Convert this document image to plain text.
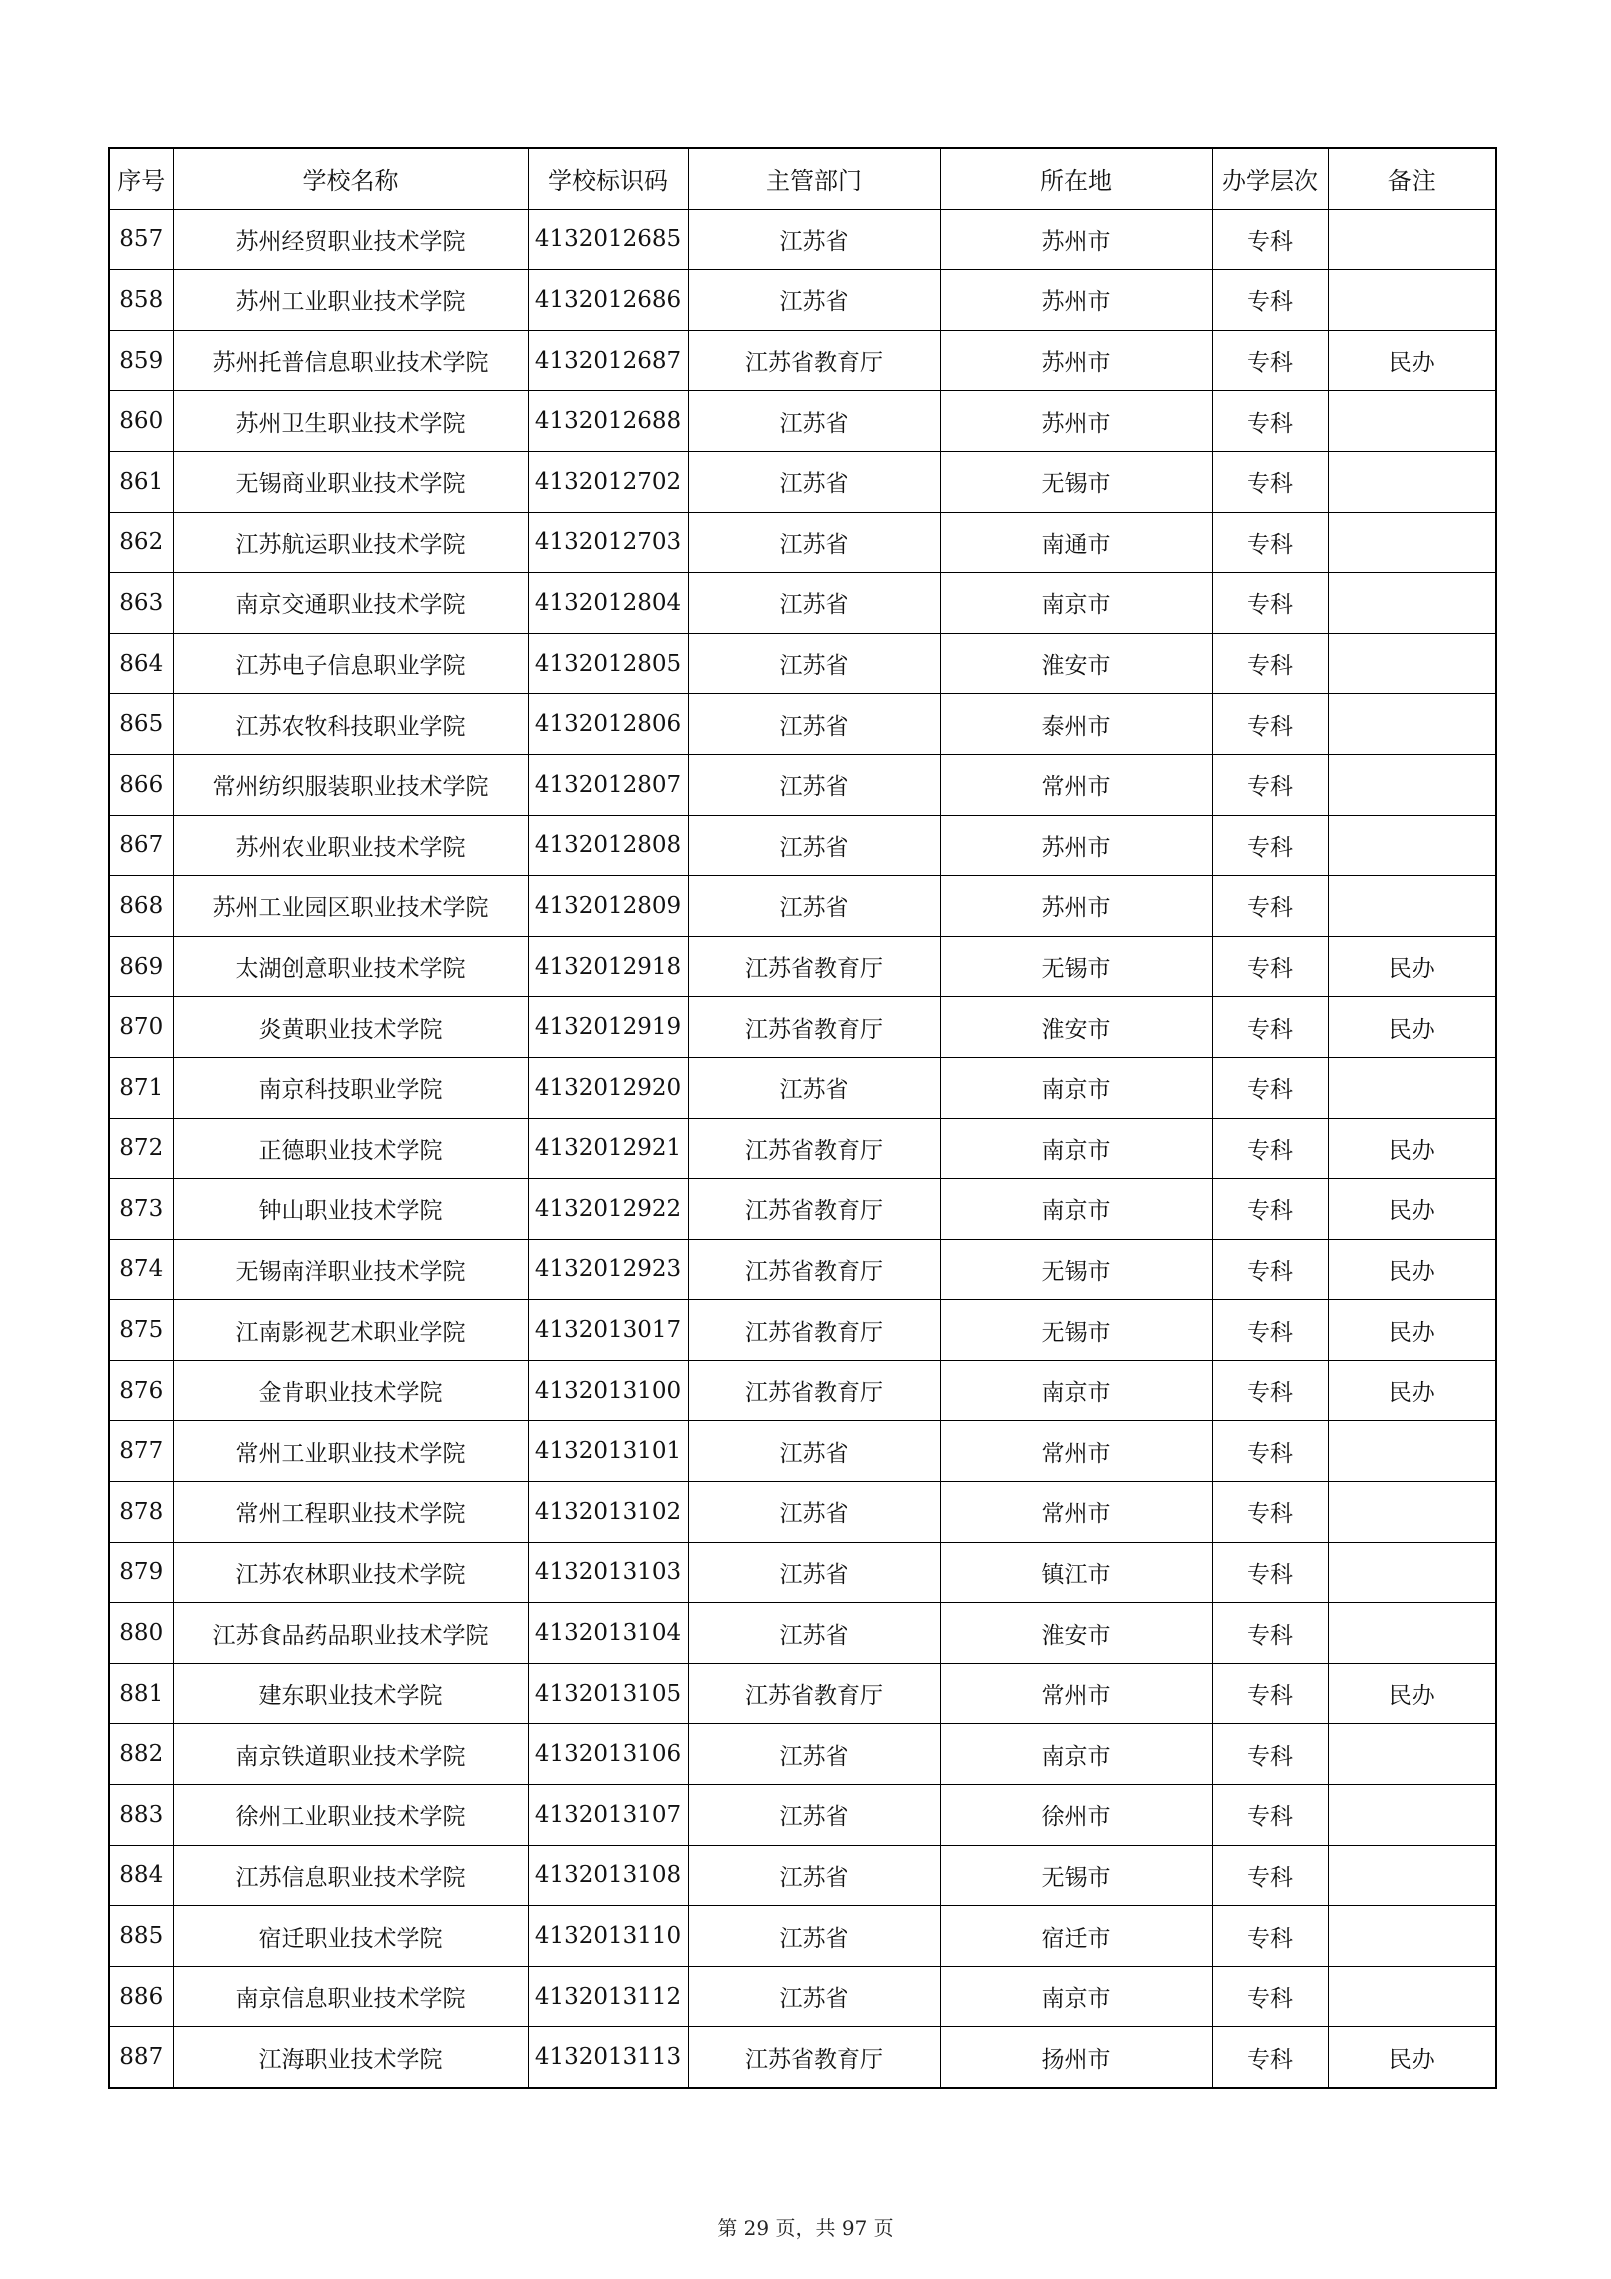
序号	学校名称	学校标识码	主管部门	所在地	办学层次	备注
857	苏州经贸职业技术学院	4132012685	江苏省	苏州市	专科	
858	苏州工业职业技术学院	4132012686	江苏省	苏州市	专科	
859	苏州托普信息职业技术学院	4132012687	江苏省教育厅	苏州市	专科	民办
860	苏州卫生职业技术学院	4132012688	江苏省	苏州市	专科	
861	无锡商业职业技术学院	4132012702	江苏省	无锡市	专科	
862	江苏航运职业技术学院	4132012703	江苏省	南通市	专科	
863	南京交通职业技术学院	4132012804	江苏省	南京市	专科	
864	江苏电子信息职业学院	4132012805	江苏省	淮安市	专科	
865	江苏农牧科技职业学院	4132012806	江苏省	泰州市	专科	
866	常州纺织服装职业技术学院	4132012807	江苏省	常州市	专科	
867	苏州农业职业技术学院	4132012808	江苏省	苏州市	专科	
868	苏州工业园区职业技术学院	4132012809	江苏省	苏州市	专科	
869	太湖创意职业技术学院	4132012918	江苏省教育厅	无锡市	专科	民办
870	炎黄职业技术学院	4132012919	江苏省教育厅	淮安市	专科	民办
871	南京科技职业学院	4132012920	江苏省	南京市	专科	
872	正德职业技术学院	4132012921	江苏省教育厅	南京市	专科	民办
873	钟山职业技术学院	4132012922	江苏省教育厅	南京市	专科	民办
874	无锡南洋职业技术学院	4132012923	江苏省教育厅	无锡市	专科	民办
875	江南影视艺术职业学院	4132013017	江苏省教育厅	无锡市	专科	民办
876	金肯职业技术学院	4132013100	江苏省教育厅	南京市	专科	民办
877	常州工业职业技术学院	4132013101	江苏省	常州市	专科	
878	常州工程职业技术学院	4132013102	江苏省	常州市	专科	
879	江苏农林职业技术学院	4132013103	江苏省	镇江市	专科	
880	江苏食品药品职业技术学院	4132013104	江苏省	淮安市	专科	
881	建东职业技术学院	4132013105	江苏省教育厅	常州市	专科	民办
882	南京铁道职业技术学院	4132013106	江苏省	南京市	专科	
883	徐州工业职业技术学院	4132013107	江苏省	徐州市	专科	
884	江苏信息职业技术学院	4132013108	江苏省	无锡市	专科	
885	宿迁职业技术学院	4132013110	江苏省	宿迁市	专科	
886	南京信息职业技术学院	4132013112	江苏省	南京市	专科	
887	江海职业技术学院	4132013113	江苏省教育厅	扬州市	专科	民办
第 29 页，共 97 页
